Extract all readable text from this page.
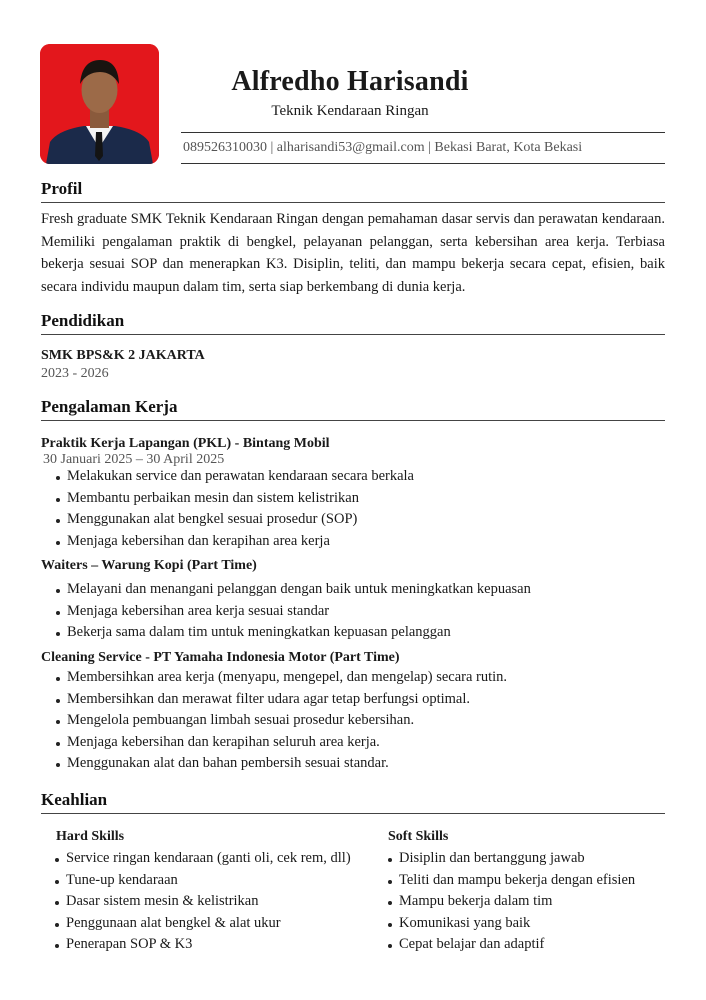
Alfredho Harisandi
Teknik Kendaraan Ringan
089526310030 | alharisandi53@gmail.com | Bekasi Barat, Kota Bekasi
Profil
Fresh graduate SMK Teknik Kendaraan Ringan dengan pemahaman dasar servis dan perawatan kendaraan. Memiliki pengalaman praktik di bengkel, pelayanan pelanggan, serta kebersihan area kerja. Terbiasa bekerja sesuai SOP dan menerapkan K3. Disiplin, teliti, dan mampu bekerja secara cepat, efisien, baik secara individu maupun dalam tim, serta siap berkembang di dunia kerja.
Pendidikan
SMK BPS&K 2 JAKARTA
2023 - 2026
Pengalaman Kerja
Praktik Kerja Lapangan (PKL) - Bintang Mobil
30 Januari 2025 – 30 April 2025
Melakukan service dan perawatan kendaraan secara berkala
Membantu perbaikan mesin dan sistem kelistrikan
Menggunakan alat bengkel sesuai prosedur (SOP)
Menjaga kebersihan dan kerapihan area kerja
Waiters – Warung Kopi (Part Time)
Melayani dan menangani pelanggan dengan baik untuk meningkatkan kepuasan
Menjaga kebersihan area kerja sesuai standar
Bekerja sama dalam tim untuk meningkatkan kepuasan pelanggan
Cleaning Service - PT Yamaha Indonesia Motor (Part Time)
Membersihkan area kerja (menyapu, mengepel, dan mengelap) secara rutin.
Membersihkan dan merawat filter udara agar tetap berfungsi optimal.
Mengelola pembuangan limbah sesuai prosedur kebersihan.
Menjaga kebersihan dan kerapihan seluruh area kerja.
Menggunakan alat dan bahan pembersih sesuai standar.
Keahlian
Hard Skills
Service ringan kendaraan (ganti oli, cek rem, dll)
Tune-up kendaraan
Dasar sistem mesin & kelistrikan
Penggunaan alat bengkel & alat ukur
Penerapan SOP & K3
Soft Skills
Disiplin dan bertanggung jawab
Teliti dan mampu bekerja dengan efisien
Mampu bekerja dalam tim
Komunikasi yang baik
Cepat belajar dan adaptif
